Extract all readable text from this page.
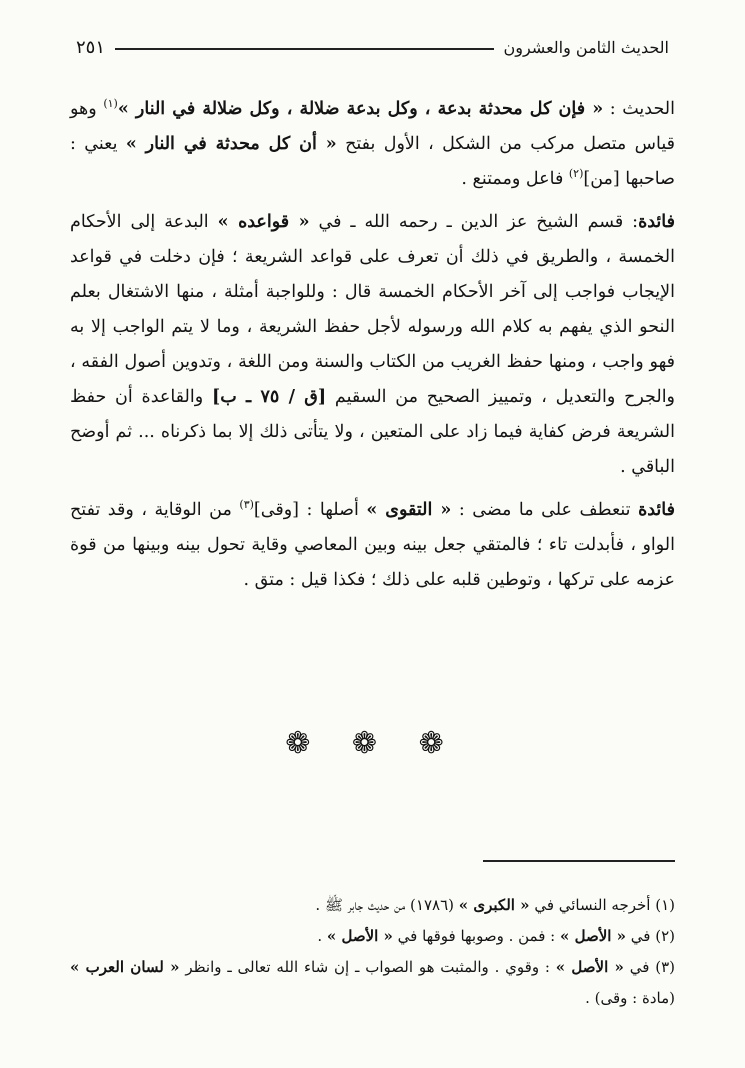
الحديث الثامن والعشرون
٢٥١

الحديث : « فإن كل محدثة بدعة ، وكل بدعة ضلالة ، وكل ضلالة في النار »$^{(١)}$ وهو قياس متصل مركب من الشكل ، الأول بفتح « أن كل محدثة في النار » يعني : صاحبها [من]$^{(٢)}$ فاعل وممتنع .

فائدة: قسم الشيخ عز الدين ـ رحمه الله ـ في « قواعده » البدعة إلى الأحكام الخمسة ، والطريق في ذلك أن تعرف على قواعد الشريعة ؛ فإن دخلت في قواعد الإيجاب فواجب إلى آخر الأحكام الخمسة قال : وللواجبة أمثلة ، منها الاشتغال بعلم النحو الذي يفهم به كلام الله ورسوله لأجل حفظ الشريعة ، وما لا يتم الواجب إلا به فهو واجب ، ومنها حفظ الغريب من الكتاب والسنة ومن اللغة ، وتدوين أصول الفقه ، والجرح والتعديل ، وتمييز الصحيح من السقيم [ق / ٧٥ ـ ب] والقاعدة أن حفظ الشريعة فرض كفاية فيما زاد على المتعين ، ولا يتأتى ذلك إلا بما ذكرناه ... ثم أوضح الباقي .

فائدة تنعطف على ما مضى : « التقوى » أصلها : [وقى]$^{(٣)}$ من الوقاية ، وقد تفتح الواو ، فأبدلت تاء ؛ فالمتقي جعل بينه وبين المعاصي وقاية تحول بينه وبينها من قوة عزمه على تركها ، وتوطين قلبه على ذلك ؛ فكذا قيل : متق .

❁ ❁ ❁
(١) أخرجه النسائي في « الكبرى » (١٧٨٦) من حديث جابر ﷺ .
(٢) في « الأصل » : فمن . وصوبها فوقها في « الأصل » .
(٣) في « الأصل » : وقوي . والمثبت هو الصواب ـ إن شاء الله تعالى ـ وانظر « لسان العرب » (مادة : وقى) .
